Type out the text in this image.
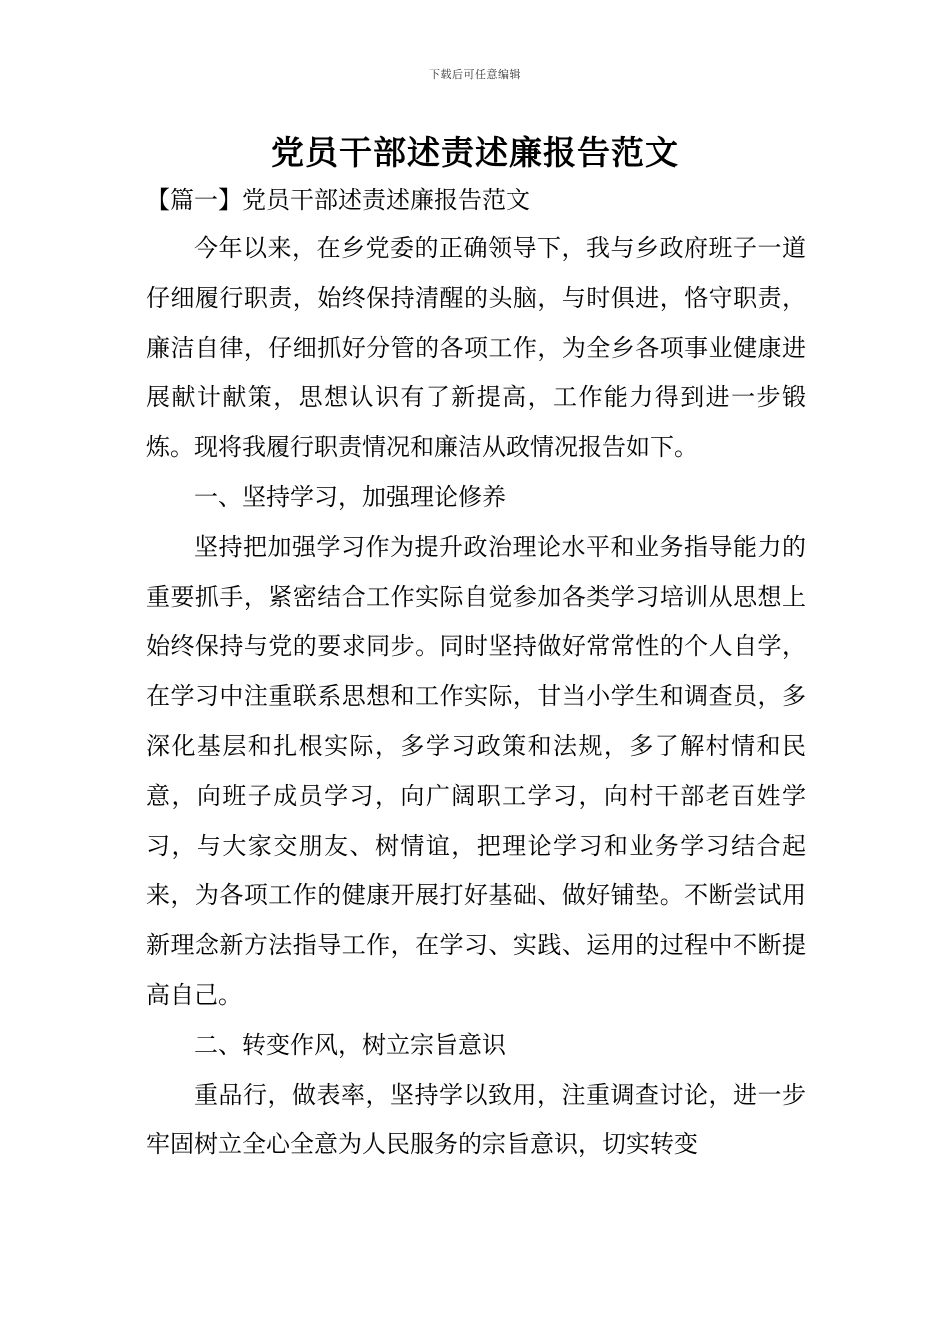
下载后可任意编辑
党员干部述责述廉报告范文
【篇一】党员干部述责述廉报告范文

今年以来，在乡党委的正确领导下，我与乡政府班子一道仔细履行职责，始终保持清醒的头脑，与时俱进，恪守职责，廉洁自律，仔细抓好分管的各项工作，为全乡各项事业健康进展献计献策，思想认识有了新提高，工作能力得到进一步锻炼。现将我履行职责情况和廉洁从政情况报告如下。

一、坚持学习，加强理论修养

坚持把加强学习作为提升政治理论水平和业务指导能力的重要抓手，紧密结合工作实际自觉参加各类学习培训从思想上始终保持与党的要求同步。同时坚持做好常常性的个人自学，在学习中注重联系思想和工作实际，甘当小学生和调查员，多深化基层和扎根实际，多学习政策和法规，多了解村情和民意，向班子成员学习，向广阔职工学习，向村干部老百姓学习，与大家交朋友、树情谊，把理论学习和业务学习结合起来，为各项工作的健康开展打好基础、做好铺垫。不断尝试用新理念新方法指导工作，在学习、实践、运用的过程中不断提高自己。

二、转变作风，树立宗旨意识

重品行，做表率，坚持学以致用，注重调查讨论，进一步牢固树立全心全意为人民服务的宗旨意识，切实转变
